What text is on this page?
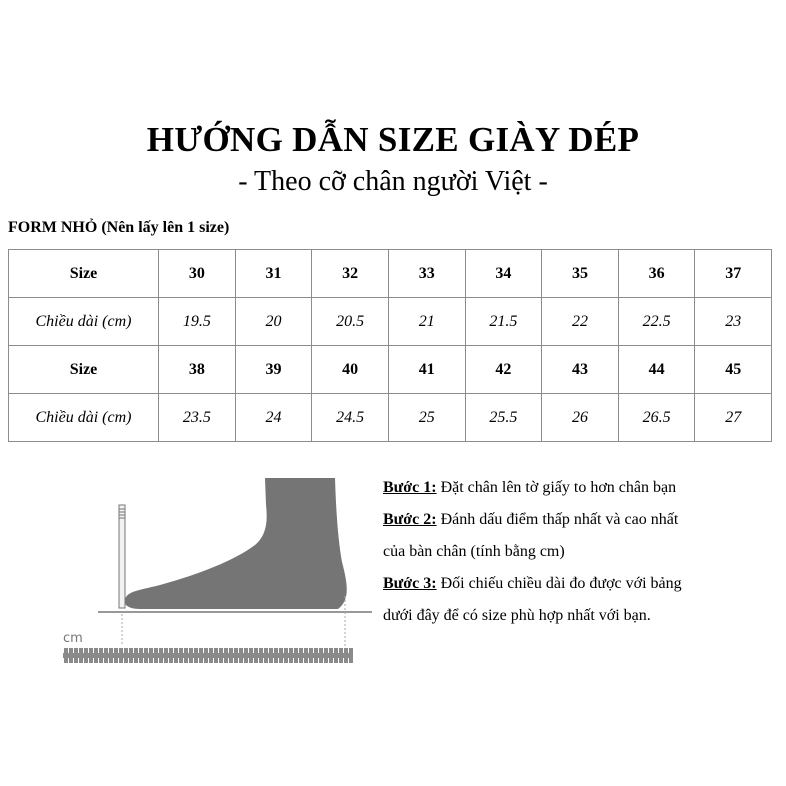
HƯỚNG DẪN SIZE GIÀY DÉP
- Theo cỡ chân người Việt -
FORM NHỎ (Nên lấy lên 1 size)
Size	30	31	32	33	34	35	36	37
Chiều dài (cm)	19.5	20	20.5	21	21.5	22	22.5	23
Size	38	39	40	41	42	43	44	45
Chiều dài (cm)	23.5	24	24.5	25	25.5	26	26.5	27
cm
Bước 1: Đặt chân lên tờ giấy to hơn chân bạn
Bước 2: Đánh dấu điểm thấp nhất và cao nhất
của bàn chân (tính bằng cm)
Bước 3: Đối chiếu chiều dài đo được với bảng
dưới đây để có size phù hợp nhất với bạn.
